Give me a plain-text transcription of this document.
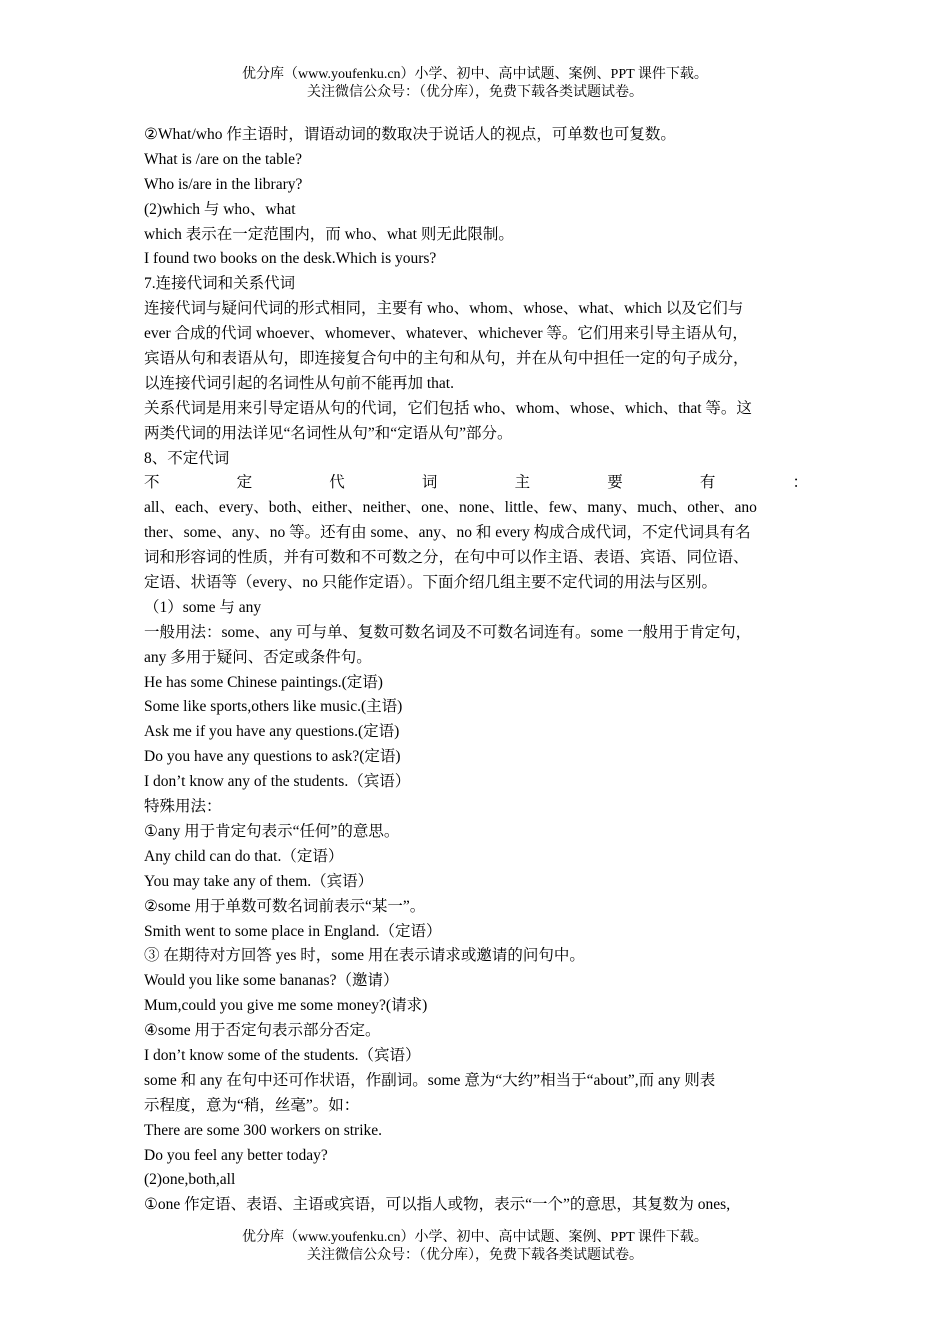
优分库（www.youfenku.cn）小学、初中、高中试题、案例、PPT 课件下载。
关注微信公众号：（优分库），免费下载各类试题试卷。
②What/who 作主语时，谓语动词的数取决于说话人的视点，可单数也可复数。
What is /are on the table?
Who is/are in the library?
(2)which 与 who、what
which 表示在一定范围内，而 who、what 则无此限制。
I found two books on the desk.Which is yours?
7.连接代词和关系代词
连接代词与疑问代词的形式相同，主要有 who、whom、whose、what、which 以及它们与
ever 合成的代词 whoever、whomever、whatever、whichever 等。它们用来引导主语从句，
宾语从句和表语从句，即连接复合句中的主句和从句，并在从句中担任一定的句子成分，
以连接代词引起的名词性从句前不能再加 that.
关系代词是用来引导定语从句的代词，它们包括 who、whom、whose、which、that 等。这
两类代词的用法详见“名词性从句”和“定语从句”部分。
8、不定代词
不	定	代	词	主	要	有	：
all、each、every、both、either、neither、one、none、little、few、many、much、other、ano
ther、some、any、no 等。还有由 some、any、no 和 every 构成合成代词，不定代词具有名
词和形容词的性质，并有可数和不可数之分，在句中可以作主语、表语、宾语、同位语、
定语、状语等（every、no 只能作定语）。下面介绍几组主要不定代词的用法与区别。
（1）some 与 any
一般用法：some、any 可与单、复数可数名词及不可数名词连有。some 一般用于肯定句，
any 多用于疑问、否定或条件句。
He has some Chinese paintings.(定语)
Some like sports,others like music.(主语)
Ask me if you have any questions.(定语)
Do you have any questions to ask?(定语)
I don’t know any of the students.（宾语）
特殊用法：
①any 用于肯定句表示“任何”的意思。
Any child can do that.（定语）
You may take any of them.（宾语）
②some 用于单数可数名词前表示“某一”。
Smith went to some place in England.（定语）
③ 在期待对方回答 yes 时，some 用在表示请求或邀请的问句中。
Would you like some bananas?（邀请）
Mum,could you give me some money?(请求)
④some 用于否定句表示部分否定。
I don’t know some of the students.（宾语）
some 和 any 在句中还可作状语，作副词。some 意为“大约”相当于“about”,而 any 则表
示程度，意为“稍，丝毫”。如：
There are some 300 workers on strike.
Do you feel any better today?
(2)one,both,all
①one 作定语、表语、主语或宾语，可以指人或物，表示“一个”的意思，其复数为 ones,
优分库（www.youfenku.cn）小学、初中、高中试题、案例、PPT 课件下载。
关注微信公众号：（优分库），免费下载各类试题试卷。
